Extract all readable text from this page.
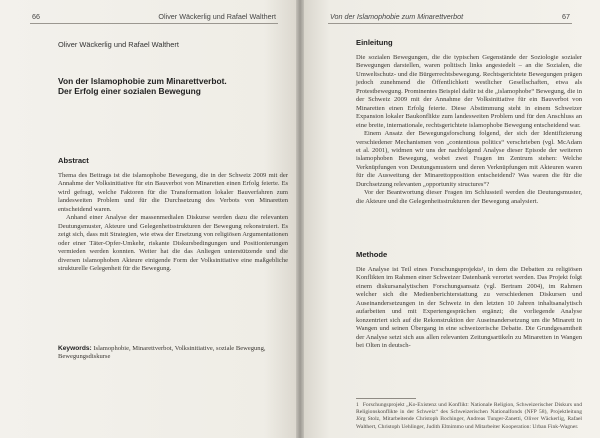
66	Oliver Wäckerlig und Rafael Walthert
Oliver Wäckerlig und Rafael Walthert
Von der Islamophobie zum Minarettverbot.
Der Erfolg einer sozialen Bewegung
Abstract

Thema des Beitrags ist die islamophobe Bewegung, die in der Schweiz 2009 mit der Annahme der Volksinitiative für ein Bauverbot von Minaretten einen Erfolg feierte. Es wird gefragt, welche Faktoren für die Transformation lokaler Bauverfahren zum landesweiten Problem und für die Durchsetzung des Verbots von Minaretten entscheidend waren.

Anhand einer Analyse der massenmedialen Diskurse werden dazu die relevanten Deutungsmuster, Akteure und Gelegenheitsstrukturen der Bewegung rekonstruiert. Es zeigt sich, dass mit Strategien, wie etwa der Ersetzung von religiösen Argumentationen oder einer Täter-Opfer-Umkehr, riskante Diskursbedingungen und Positionierungen vermieden werden konnten. Weiter hat die das Anliegen unterstützende und die diversen islamophoben Akteure einigende Form der Volksinitiative eine maßgebliche strukturelle Gelegenheit für die Bewegung.

Keywords: Islamophobie, Minarettverbot, Volksinitiative, soziale Bewegung, Bewegungsdiskurse
Von der Islamophobie zum Minarettverbot	67
Einleitung

Die sozialen Bewegungen, die die typischen Gegenstände der Soziologie sozialer Bewegungen darstellen, waren politisch links angesiedelt – an die Sozialen, die Umweltschutz- und die Bürgerrechtsbewegung. Rechtsgerichtete Bewegungen prägen jedoch zunehmend die Öffentlichkeit westlicher Gesellschaften, etwa als Protestbewegung. Prominentes Beispiel dafür ist die „islamophobe“ Bewegung, die in der Schweiz 2009 mit der Annahme der Volksinitiative für ein Bauverbot von Minaretten einen Erfolg feierte. Diese Abstimmung steht in einem Schweizer Expansion lokaler Baukonflikte zum landesweiten Problem und für den Anschluss an eine breite, internationale, rechtsgerichtete islamophobe Bewegung entscheidend war.

Einem Ansatz der Bewegungsforschung folgend, der sich der Identifizierung verschiedener Mechanismen von „contentious politics“ verschrieben (vgl. McAdam et al. 2001), widmen wir uns der nachfolgend Analyse dieser Episode der weiteren islamophoben Bewegung, wobei zwei Fragen im Zentrum stehen: Welche Verknüpfungen von Deutungsmustern und deren Verknüpfungen mit Akteuren waren für die Ausweitung der Minarettopposition entscheidend? Was waren die für die Durchsetzung relevanten „opportunity structures“?

Vor der Beantwortung dieser Fragen im Schlussteil werden die Deutungsmuster, die Akteure und die Gelegenheitsstrukturen der Bewegung analysiert.

Methode

Die Analyse ist Teil eines Forschungsprojekts¹, in dem die Debatten zu religiösen Konflikten im Rahmen einer Schweizer Datenbank verortet werden. Das Projekt folgt einem diskursanalytischen Forschungsansatz (vgl. Bertram 2004), im Rahmen welcher sich die Medienberichterstattung zu verschiedenen Diskursen und Auseinandersetzungen in der Schweiz in den letzten 10 Jahren inhaltsanalytisch aufarbeiten und mit Expertengesprächen ergänzt; die vorliegende Analyse konzentriert sich auf die Rekonstruktion der Auseinandersetzung um die Minarett in Wangen und seinen Übergang in eine schweizerische Debatte. Die Grundgesamtheit der Analyse setzt sich aus allen relevanten Zeitungsartikeln zu Minaretten in Wangen bei Olten in deutsch-

1 Forschungsprojekt „Ko-Existenz und Konflikt: Nationale Religion, Schweizerischer Diskurs und Religionskonflikte in der Schweiz“ des Schweizerischen Nationalfonds (NFP 58), Projektleitung Jörg Stolz, Mitarbeitende Christoph Bochinger, Andreas Tunger-Zanetti, Oliver Wäckerlig, Rafael Walthert, Christoph Uehlinger, Judith Eltnimmo und Mitarbeiter Kooperation: Urban Fink-Wagner.
